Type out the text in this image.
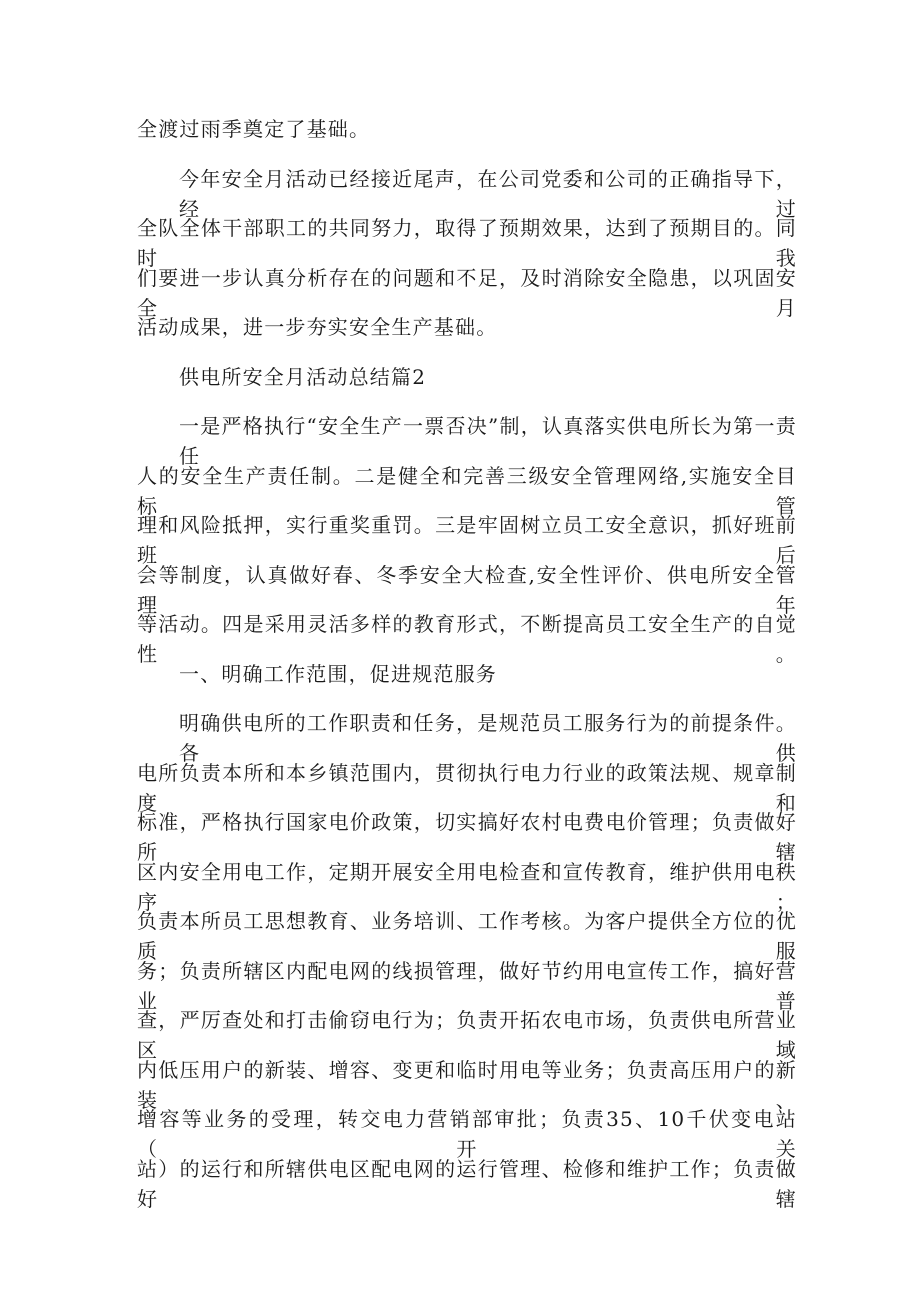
全渡过雨季奠定了基础。
今年安全月活动已经接近尾声，在公司党委和公司的正确指导下，经过
全队全体干部职工的共同努力，取得了预期效果，达到了预期目的。同时我
们要进一步认真分析存在的问题和不足，及时消除安全隐患，以巩固安全月
活动成果，进一步夯实安全生产基础。
供电所安全月活动总结篇2
一是严格执行“安全生产一票否决”制，认真落实供电所长为第一责任
人的安全生产责任制。二是健全和完善三级安全管理网络,实施安全目标管
理和风险抵押，实行重奖重罚。三是牢固树立员工安全意识，抓好班前班后
会等制度，认真做好春、冬季安全大检查,安全性评价、供电所安全管理年
等活动。四是采用灵活多样的教育形式，不断提高员工安全生产的自觉性。
一、明确工作范围，促进规范服务
明确供电所的工作职责和任务，是规范员工服务行为的前提条件。各供
电所负责本所和本乡镇范围内，贯彻执行电力行业的政策法规、规章制度和
标准，严格执行国家电价政策，切实搞好农村电费电价管理；负责做好所辖
区内安全用电工作，定期开展安全用电检查和宣传教育，维护供用电秩序；
负责本所员工思想教育、业务培训、工作考核。为客户提供全方位的优质服
务；负责所辖区内配电网的线损管理，做好节约用电宣传工作，搞好营业普
查，严厉查处和打击偷窃电行为；负责开拓农电市场，负责供电所营业区域
内低压用户的新装、增容、变更和临时用电等业务；负责高压用户的新装、
增容等业务的受理，转交电力营销部审批；负责35、10千伏变电站（开关
站）的运行和所辖供电区配电网的运行管理、检修和维护工作；负责做好辖
